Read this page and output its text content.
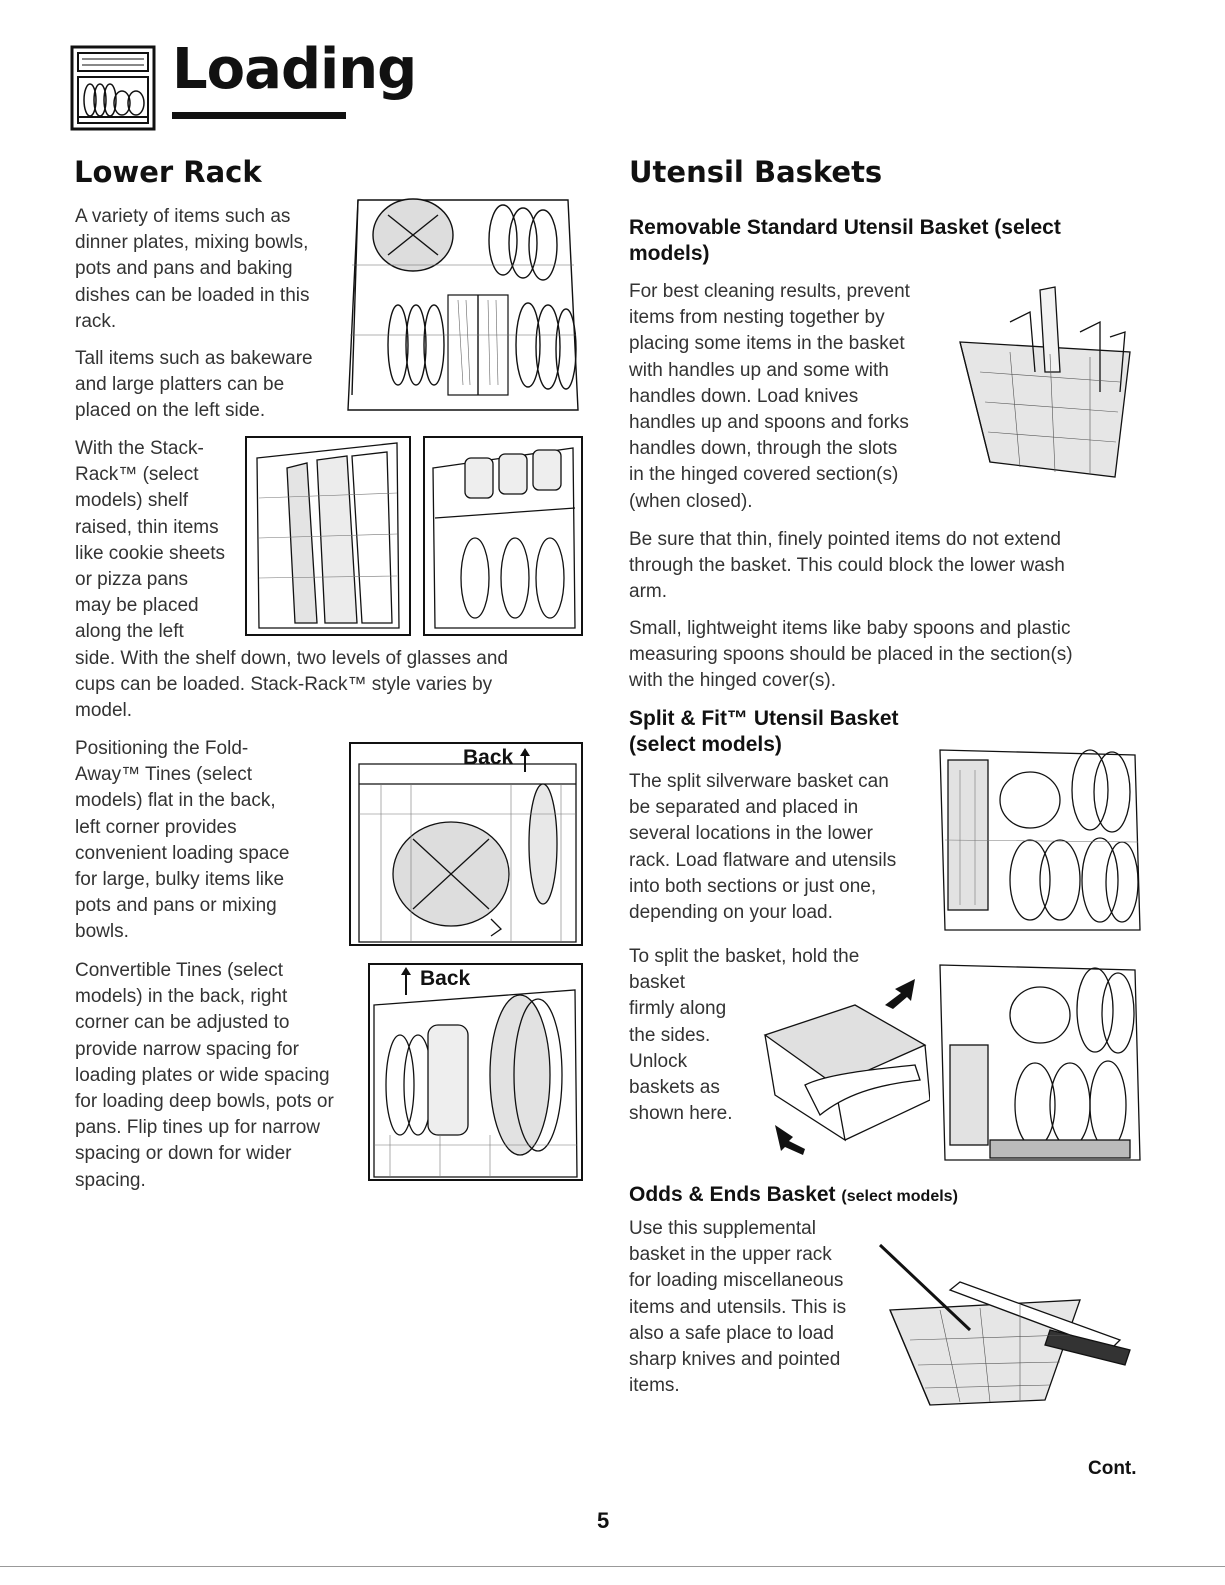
Loading
Lower Rack

A variety of items such as

dinner plates, mixing bowls,

pots and pans and baking

dishes can be loaded in this

rack.

Tall items such as bakeware

and large platters can be

placed on the left side.

With the Stack-

Rack™ (select

models) shelf

raised, thin items

like cookie sheets

or pizza pans

may be placed

along the left

side. With the shelf down, two levels of glasses and

cups can be loaded. Stack-Rack™ style varies by

model.

Positioning the Fold-

Away™ Tines (select

models) flat in the back,

left corner provides

convenient loading space

for large, bulky items like

pots and pans or mixing

bowls.

Back

Convertible Tines (select

models) in the back, right

corner can be adjusted to

provide narrow spacing for

loading plates or wide spacing

for loading deep bowls, pots or

pans. Flip tines up for narrow

spacing or down for wider

spacing.

Back
Utensil Baskets
Removable Standard Utensil Basket (select
models)

For best cleaning results, prevent

items from nesting together by

placing some items in the basket

with handles up and some with

handles down. Load knives

handles up and spoons and forks

handles down, through the slots

in the hinged covered section(s)

(when closed).

Be sure that thin, finely pointed items do not extend

through the basket. This could block the lower wash

arm.

Small, lightweight items like baby spoons and plastic

measuring spoons should be placed in the section(s)

with the hinged cover(s).

Split & Fit™ Utensil Basket
(select models)

The split silverware basket can

be separated and placed in

several locations in the lower

rack. Load flatware and utensils

into both sections or just one,

depending on your load.

To split the basket, hold the

basket

firmly along

the sides.

Unlock

baskets as

shown here.

Odds & Ends Basket (select models)

Use this supplemental

basket in the upper rack

for loading miscellaneous

items and utensils. This is

also a safe place to load

sharp knives and pointed

items.

Cont.
5
